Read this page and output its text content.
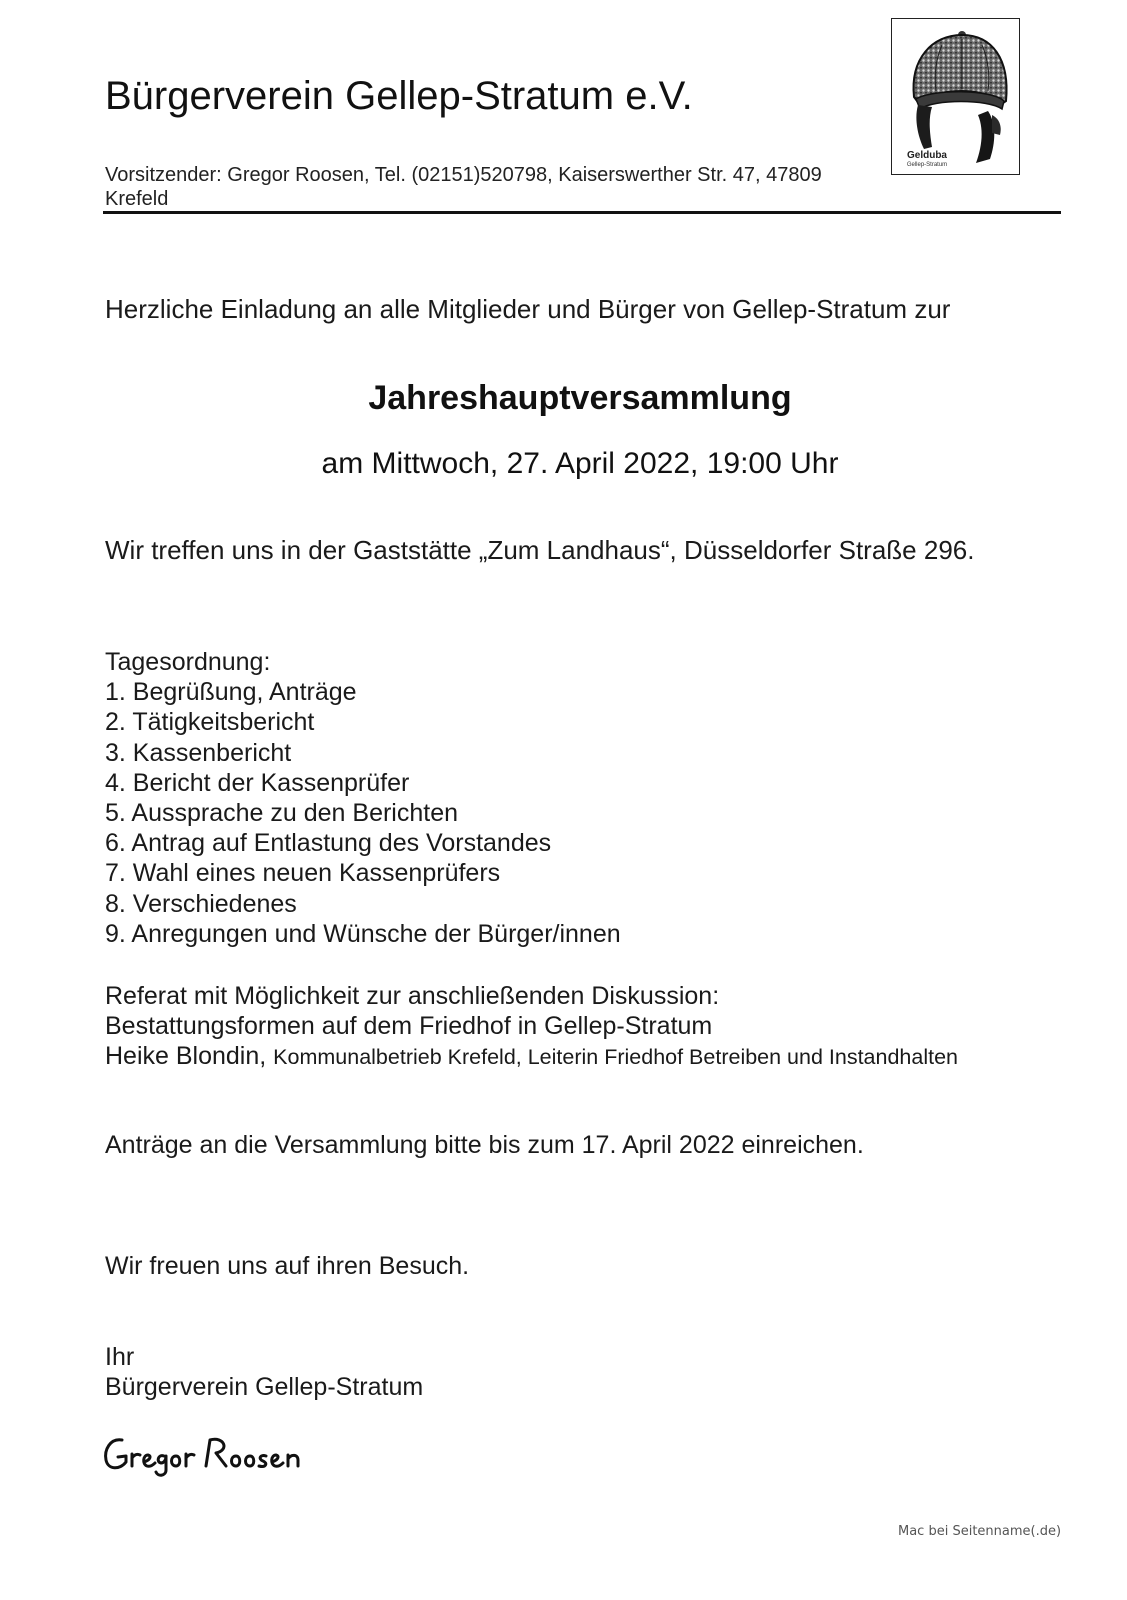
Bürgerverein Gellep-Stratum e.V.

Vorsitzender: Gregor Roosen, Tel. (02151)520798, Kaiserswerther Str. 47, 47809 Krefeld

Gelduba
Gellep-Stratum

Herzliche Einladung an alle Mitglieder und Bürger von Gellep-Stratum zur

Jahreshauptversammlung

am Mittwoch, 27. April 2022, 19:00 Uhr

Wir treffen uns in der Gaststätte „Zum Landhaus“, Düsseldorfer Straße 296.

Tagesordnung:
1. Begrüßung, Anträge
2. Tätigkeitsbericht
3. Kassenbericht
4. Bericht der Kassenprüfer
5. Aussprache zu den Berichten
6. Antrag auf Entlastung des Vorstandes
7. Wahl eines neuen Kassenprüfers
8. Verschiedenes
9. Anregungen und Wünsche der Bürger/innen
Referat mit Möglichkeit zur anschließenden Diskussion:
Bestattungsformen auf dem Friedhof in Gellep-Stratum
Heike Blondin, Kommunalbetrieb Krefeld, Leiterin Friedhof Betreiben und Instandhalten

Anträge an die Versammlung bitte bis zum 17. April 2022 einreichen.

Wir freuen uns auf ihren Besuch.

Ihr
Bürgerverein Gellep-Stratum
Mac bei Seitenname(.de)
